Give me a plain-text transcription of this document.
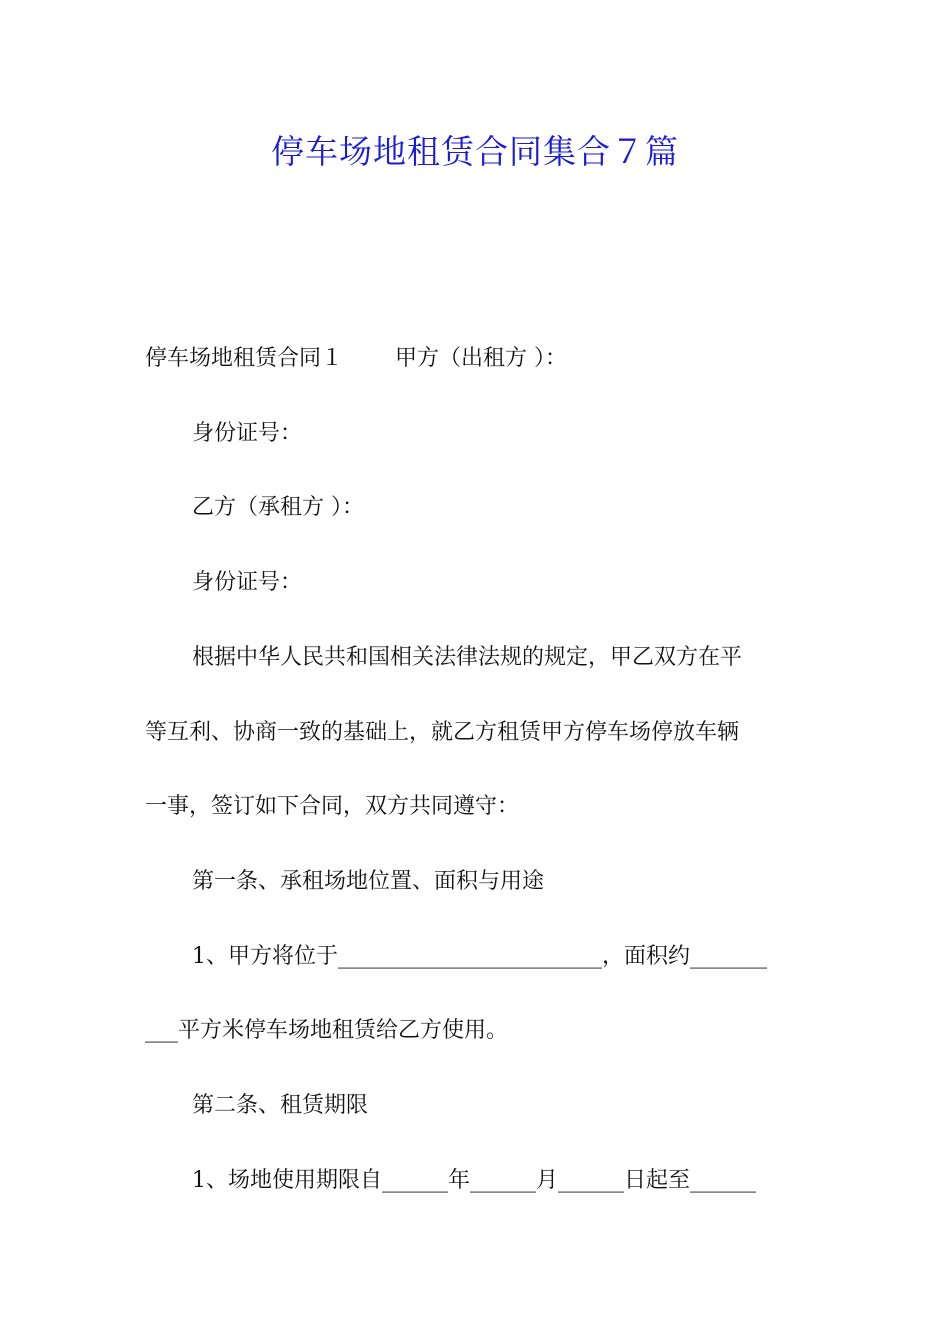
停车场地租赁合同集合７篇

停车场地租赁合同１ 甲方（出租方 ）：

身份证号：

乙方（承租方 ）：

身份证号：

根据中华人民共和国相关法律法规的规定，甲乙双方在平

等互利、协商一致的基础上，就乙方租赁甲方停车场停放车辆

一事，签订如下合同，双方共同遵守：

第一条、承租场地位置、面积与用途

1、甲方将位于________________________，面积约_______

___平方米停车场地租赁给乙方使用。

第二条、租赁期限

1、场地使用期限自______年______月______日起至______
